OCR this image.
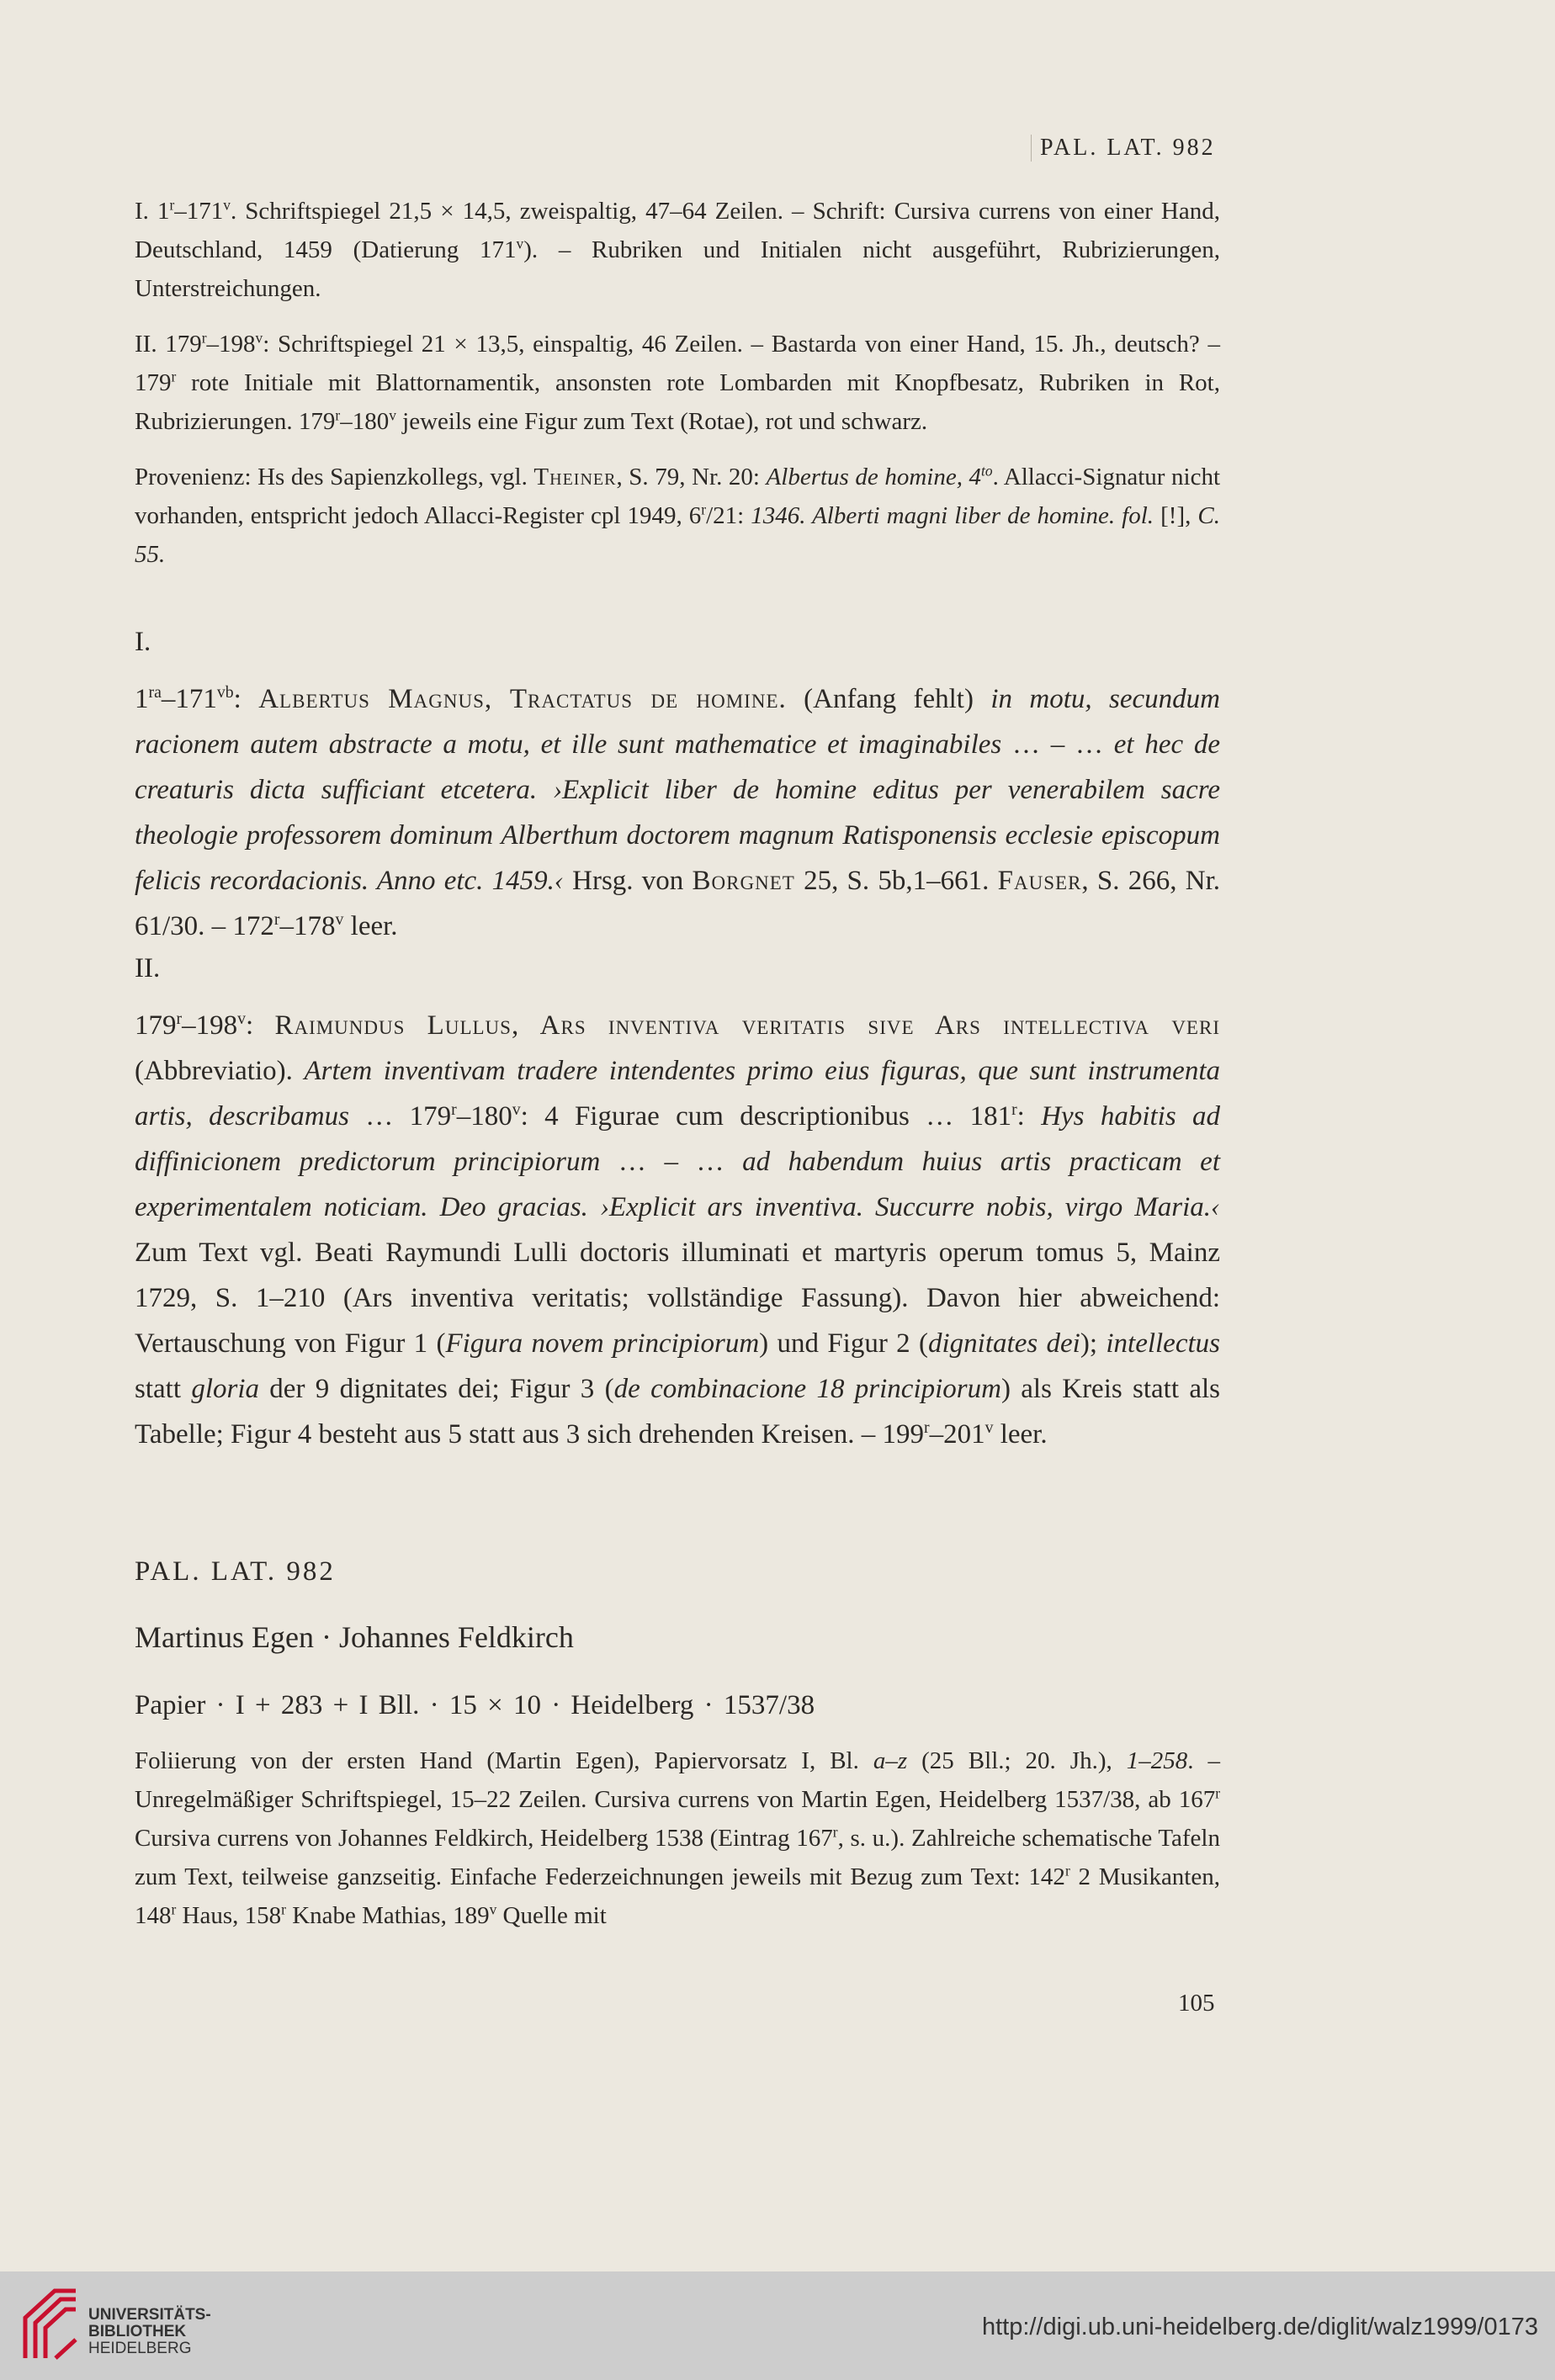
PAL. LAT. 982

I. 1$^r$–171$^v$. Schriftspiegel 21,5 × 14,5, zweispaltig, 47–64 Zeilen. – Schrift: Cursiva currens von einer Hand, Deutschland, 1459 (Datierung 171$^v$). – Rubriken und Initialen nicht ausgeführt, Rubrizierungen, Unterstreichungen.

II. 179$^r$–198$^v$: Schriftspiegel 21 × 13,5, einspaltig, 46 Zeilen. – Bastarda von einer Hand, 15. Jh., deutsch? – 179$^r$ rote Initiale mit Blattornamentik, ansonsten rote Lombarden mit Knopfbesatz, Rubriken in Rot, Rubrizierungen. 179$^r$–180$^v$ jeweils eine Figur zum Text (Rotae), rot und schwarz.

Provenienz: Hs des Sapienzkollegs, vgl. Theiner, S. 79, Nr. 20: Albertus de homine, $4^{to}$. Allacci-Signatur nicht vorhanden, entspricht jedoch Allacci-Register cpl 1949, 6$^r$/21: 1346. Alberti magni liber de homine. fol. [!], C. 55.

I.

$1^{ra}-171^{vb}$: Albertus Magnus, Tractatus de homine. (Anfang fehlt) in motu, secundum racionem autem abstracte a motu, et ille sunt mathematice et imaginabiles … – … et hec de creaturis dicta sufficiant etcetera. ›Explicit liber de homine editus per venerabilem sacre theologie professorem dominum Alberthum doctorem magnum Ratisponensis ecclesie episcopum felicis recordacionis. Anno etc. 1459.‹ Hrsg. von Borgnet 25, S. 5b,1–661. Fauser, S. 266, Nr. 61/30. – 172$^r$–178$^v$ leer.

II.

179$^r$–198$^v$: Raimundus Lullus, Ars inventiva veritatis sive Ars intellectiva veri (Abbreviatio). Artem inventivam tradere intendentes primo eius figuras, que sunt instrumenta artis, describamus … 179$^r$–180$^v$: 4 Figurae cum descriptionibus … 181$^r$: Hys habitis ad diffinicionem predictorum principiorum … – … ad habendum huius artis practicam et experimentalem noticiam. Deo gracias. ›Explicit ars inventiva. Succurre nobis, virgo Maria.‹ Zum Text vgl. Beati Raymundi Lulli doctoris illuminati et martyris operum tomus 5, Mainz 1729, S. 1–210 (Ars inventiva veritatis; vollständige Fassung). Davon hier abweichend: Vertauschung von Figur 1 (Figura novem principiorum) und Figur 2 (dignitates dei); intellectus statt gloria der 9 dignitates dei; Figur 3 (de combinacione 18 principiorum) als Kreis statt als Tabelle; Figur 4 besteht aus 5 statt aus 3 sich drehenden Kreisen. – 199$^r$–201$^v$ leer.

PAL. LAT. 982

Martinus Egen · Johannes Feldkirch

Papier · I + 283 + I Bll. · 15 × 10 · Heidelberg · 1537/38

Foliierung von der ersten Hand (Martin Egen), Papiervorsatz I, Bl. a–z (25 Bll.; 20. Jh.), 1–258. – Unregelmäßiger Schriftspiegel, 15–22 Zeilen. Cursiva currens von Martin Egen, Heidelberg 1537/38, ab 167$^r$ Cursiva currens von Johannes Feldkirch, Heidelberg 1538 (Eintrag 167$^r$, s. u.). Zahlreiche schematische Tafeln zum Text, teilweise ganzseitig. Einfache Federzeichnungen jeweils mit Bezug zum Text: 142$^r$ 2 Musikanten, 148$^r$ Haus, 158$^r$ Knabe Mathias, 189$^v$ Quelle mit

105
UNIVERSITÄTS-
BIBLIOTHEK
HEIDELBERG
http://digi.ub.uni-heidelberg.de/diglit/walz1999/0173
